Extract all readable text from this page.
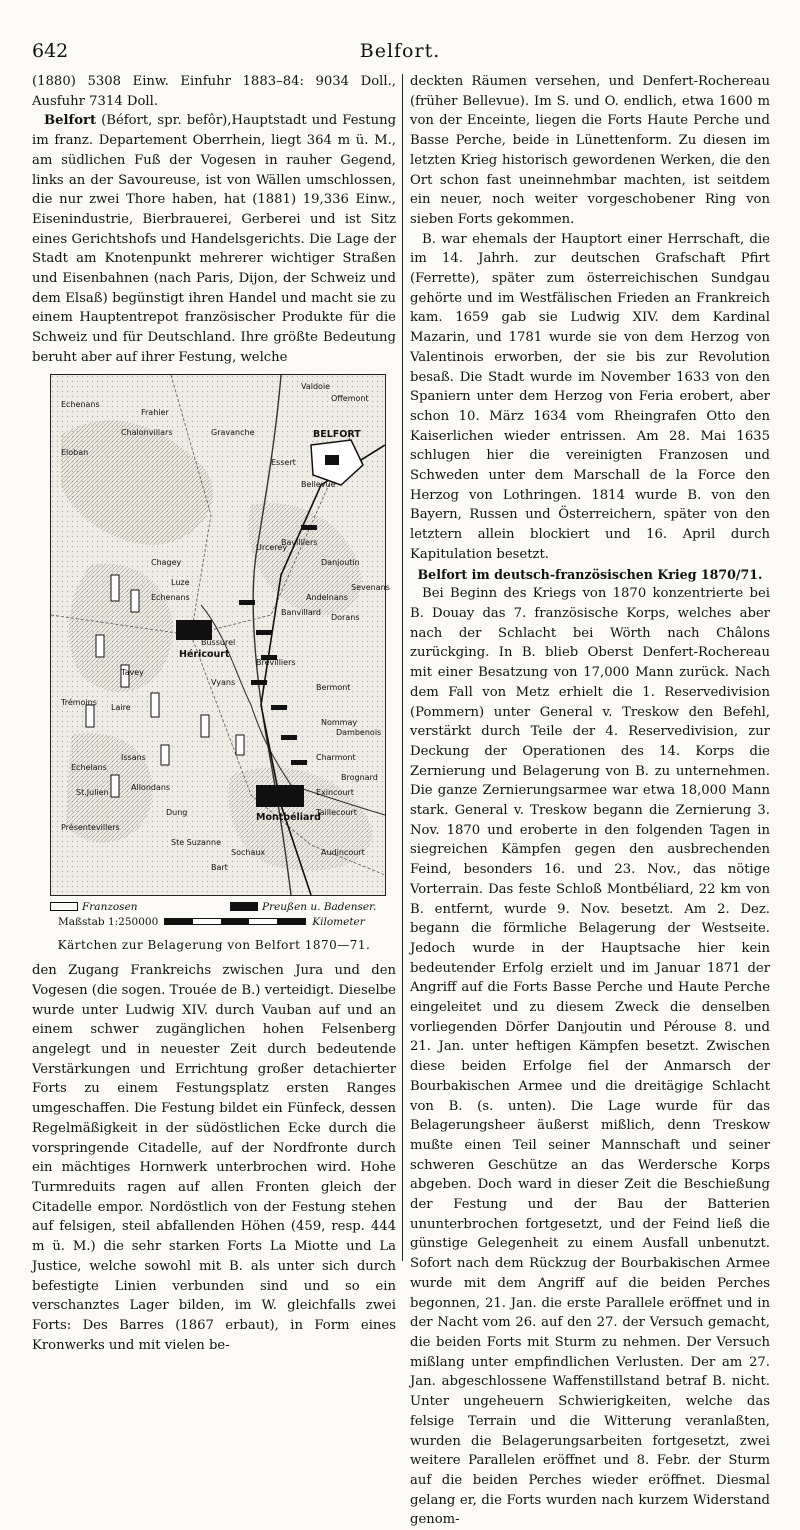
642	Belfort.

(1880) 5308 Einw. Einfuhr 1883–84: 9034 Doll., Ausfuhr 7314 Doll.

Belfort (Béfort, spr. befôr),Hauptstadt und Festung im franz. Departement Oberrhein, liegt 364 m ü. M., am südlichen Fuß der Vogesen in rauher Gegend, links an der Savoureuse, ist von Wällen umschlossen, die nur zwei Thore haben, hat (1881) 19,336 Einw., Eisenindustrie, Bierbrauerei, Gerberei und ist Sitz eines Gerichtshofs und Handelsgerichts. Die Lage der Stadt am Knotenpunkt mehrerer wichtiger Straßen und Eisenbahnen (nach Paris, Dijon, der Schweiz und dem Elsaß) begünstigt ihren Handel und macht sie zu einem Hauptentrepot französischer Produkte für die Schweiz und für Deutschland. Ihre größte Bedeutung beruht aber auf ihrer Festung, welche

Valdoie
Offemont
Echenans
Frahier
Chalonvillars
Eloban
Gravanche	BELFORT
Essert
Bellevue
Bavilliers
Danjoutin
Chagey
Urcerey
Echenans	Andelnans
Sevenans
Luze
Bussurel
Banvillard
Dorans
Héricourt
Brevilliers
Tavey
Vyans
Bermont
Nommay
Trémoins
Laire
Dambenois
Echelans
Issans
Allondans
Charmont
Brognard
St.Julien
Dung
Exincourt
Montbéliard
Présentevillers
Ste Suzanne
Sochaux
Taillecourt
Audincourt
Bart
Franzosen	Preußen u. Badenser.
Maßstab 1:250000	Kilometer
Kärtchen zur Belagerung von Belfort 1870—71.

den Zugang Frankreichs zwischen Jura und den Vogesen (die sogen. Trouée de B.) verteidigt. Dieselbe wurde unter Ludwig XIV. durch Vauban auf und an einem schwer zugänglichen hohen Felsenberg angelegt und in neuester Zeit durch bedeutende Verstärkungen und Errichtung großer detachierter Forts zu einem Festungsplatz ersten Ranges umgeschaffen. Die Festung bildet ein Fünfeck, dessen Regelmäßigkeit in der südöstlichen Ecke durch die vorspringende Citadelle, auf der Nordfronte durch ein mächtiges Hornwerk unterbrochen wird. Hohe Turmreduits ragen auf allen Fronten gleich der Citadelle empor. Nordöstlich von der Festung stehen auf felsigen, steil abfallenden Höhen (459, resp. 444 m ü. M.) die sehr starken Forts La Miotte und La Justice, welche sowohl mit B. als unter sich durch befestigte Linien verbunden sind und so ein verschanztes Lager bilden, im W. gleichfalls zwei Forts: Des Barres (1867 erbaut), in Form eines Kronwerks und mit vielen be-

deckten Räumen versehen, und Denfert-Rochereau (früher Bellevue). Im S. und O. endlich, etwa 1600 m von der Enceinte, liegen die Forts Haute Perche und Basse Perche, beide in Lünettenform. Zu diesen im letzten Krieg historisch gewordenen Werken, die den Ort schon fast uneinnehmbar machten, ist seitdem ein neuer, noch weiter vorgeschobener Ring von sieben Forts gekommen.

B. war ehemals der Hauptort einer Herrschaft, die im 14. Jahrh. zur deutschen Grafschaft Pfirt (Ferrette), später zum österreichischen Sundgau gehörte und im Westfälischen Frieden an Frankreich kam. 1659 gab sie Ludwig XIV. dem Kardinal Mazarin, und 1781 wurde sie von dem Herzog von Valentinois erworben, der sie bis zur Revolution besaß. Die Stadt wurde im November 1633 von den Spaniern unter dem Herzog von Feria erobert, aber schon 10. März 1634 vom Rheingrafen Otto den Kaiserlichen wieder entrissen. Am 28. Mai 1635 schlugen hier die vereinigten Franzosen und Schweden unter dem Marschall de la Force den Herzog von Lothringen. 1814 wurde B. von den Bayern, Russen und Österreichern, später von den letztern allein blockiert und 16. April durch Kapitulation besetzt.

Belfort im deutsch-französischen Krieg 1870/71.

Bei Beginn des Kriegs von 1870 konzentrierte bei B. Douay das 7. französische Korps, welches aber nach der Schlacht bei Wörth nach Châlons zurückging. In B. blieb Oberst Denfert-Rochereau mit einer Besatzung von 17,000 Mann zurück. Nach dem Fall von Metz erhielt die 1. Reservedivision (Pommern) unter General v. Treskow den Befehl, verstärkt durch Teile der 4. Reservedivision, zur Deckung der Operationen des 14. Korps die Zernierung und Belagerung von B. zu unternehmen. Die ganze Zernierungsarmee war etwa 18,000 Mann stark. General v. Treskow begann die Zernierung 3. Nov. 1870 und eroberte in den folgenden Tagen in siegreichen Kämpfen gegen den ausbrechenden Feind, besonders 16. und 23. Nov., das nötige Vorterrain. Das feste Schloß Montbéliard, 22 km von B. entfernt, wurde 9. Nov. besetzt. Am 2. Dez. begann die förmliche Belagerung der Westseite. Jedoch wurde in der Hauptsache hier kein bedeutender Erfolg erzielt und im Januar 1871 der Angriff auf die Forts Basse Perche und Haute Perche eingeleitet und zu diesem Zweck die denselben vorliegenden Dörfer Danjoutin und Pérouse 8. und 21. Jan. unter heftigen Kämpfen besetzt. Zwischen diese beiden Erfolge fiel der Anmarsch der Bourbakischen Armee und die dreitägige Schlacht von B. (s. unten). Die Lage wurde für das Belagerungsheer äußerst mißlich, denn Treskow mußte einen Teil seiner Mannschaft und seiner schweren Geschütze an das Werdersche Korps abgeben. Doch ward in dieser Zeit die Beschießung der Festung und der Bau der Batterien ununterbrochen fortgesetzt, und der Feind ließ die günstige Gelegenheit zu einem Ausfall unbenutzt. Sofort nach dem Rückzug der Bourbakischen Armee wurde mit dem Angriff auf die beiden Perches begonnen, 21. Jan. die erste Parallele eröffnet und in der Nacht vom 26. auf den 27. der Versuch gemacht, die beiden Forts mit Sturm zu nehmen. Der Versuch mißlang unter empfindlichen Verlusten. Der am 27. Jan. abgeschlossene Waffenstillstand betraf B. nicht. Unter ungeheuern Schwierigkeiten, welche das felsige Terrain und die Witterung veranlaßten, wurden die Belagerungsarbeiten fortgesetzt, zwei weitere Parallelen eröffnet und 8. Febr. der Sturm auf die beiden Perches wieder eröffnet. Diesmal gelang er, die Forts wurden nach kurzem Widerstand genom-
